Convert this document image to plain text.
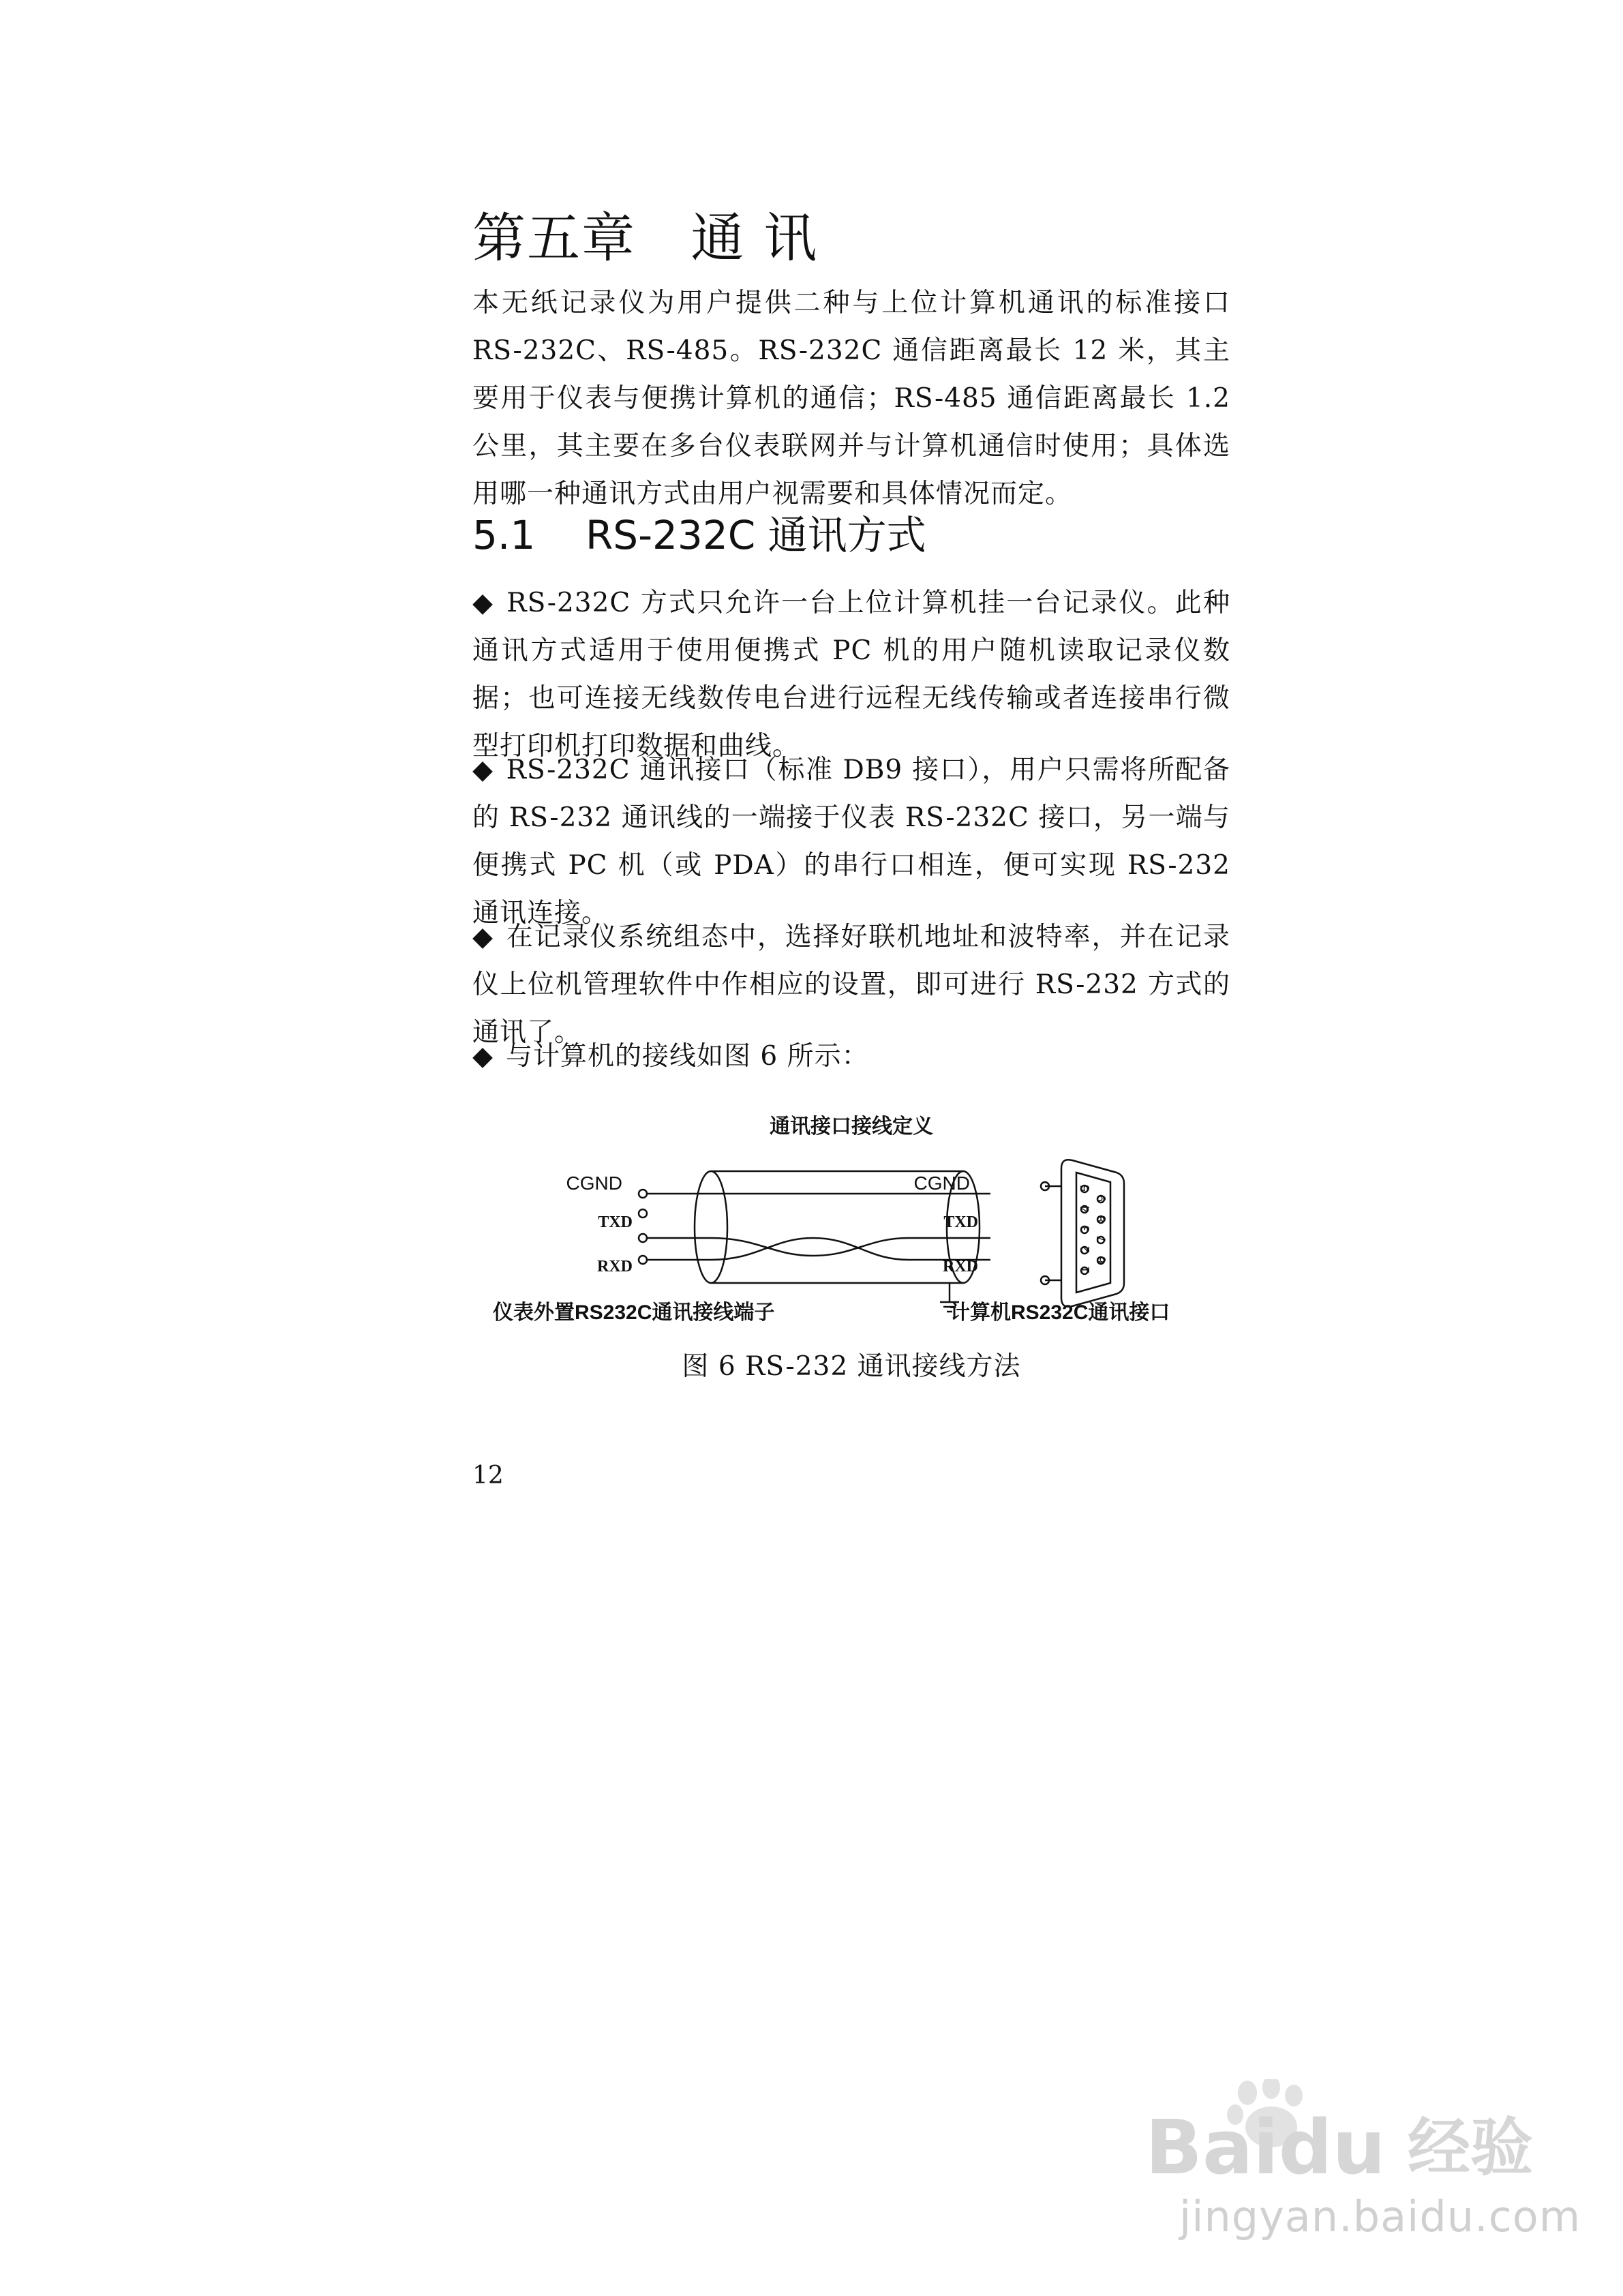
第五章   通 讯

本无纸记录仪为用户提供二种与上位计算机通讯的标准接口RS-232C、RS-485。RS-232C 通信距离最长 12 米，其主要用于仪表与便携计算机的通信；RS-485 通信距离最长 1.2 公里，其主要在多台仪表联网并与计算机通信时使用；具体选用哪一种通讯方式由用户视需要和具体情况而定。

5.1    RS-232C 通讯方式

◆ RS-232C 方式只允许一台上位计算机挂一台记录仪。此种通讯方式适用于使用便携式 PC 机的用户随机读取记录仪数据；也可连接无线数传电台进行远程无线传输或者连接串行微型打印机打印数据和曲线。

◆ RS-232C 通讯接口（标准 DB9 接口），用户只需将所配备的 RS-232 通讯线的一端接于仪表 RS-232C 接口，另一端与便携式 PC 机（或 PDA）的串行口相连，便可实现 RS-232 通讯连接。

◆ 在记录仪系统组态中，选择好联机地址和波特率，并在记录仪上位机管理软件中作相应的设置，即可进行 RS-232 方式的通讯了。

◆ 与计算机的接线如图 6 所示：

通讯接口接线定义
CGND
TXD
RXD
CGND
TXD
RXD
5
4
3
2
1
9
8
7
6
仪表外置RS232C通讯接线端子	计算机RS232C通讯接口
图 6 RS-232 通讯接线方法
12
Baidu 经验
jingyan.baidu.com
